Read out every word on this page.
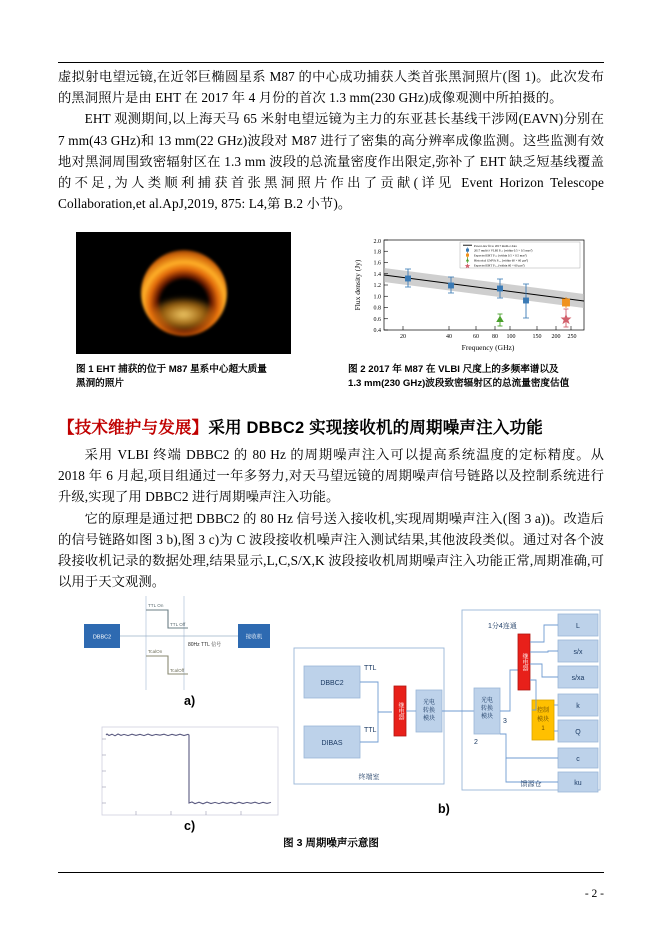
虚拟射电望远镜,在近邻巨椭圆星系 M87 的中心成功捕获人类首张黑洞照片(图 1)。此次发布的黑洞照片是由 EHT 在 2017 年 4 月份的首次 1.3 mm(230 GHz)成像观测中所拍摄的。

EHT 观测期间,以上海天马 65 米射电望远镜为主力的东亚甚长基线干涉网(EAVN)分别在 7 mm(43 GHz)和 13 mm(22 GHz)波段对 M87 进行了密集的高分辨率成像监测。这些监测有效地对黑洞周围致密辐射区在 1.3 mm 波段的总流量密度作出限定,弥补了 EHT 缺乏短基线覆盖的不足,为人类顺利捕获首张黑洞照片作出了贡献(详见 Event Horizon Telescope Collaboration,et al.ApJ,2019, 875: L4,第 B.2 小节)。

图 1 EHT 捕获的位于 M87 星系中心超大质量
黑洞的照片
0.4
0.6
0.8
1.0
1.2
1.4
1.6
1.8
2.0
20	40	60 80 100	150 200 250
Frequency (GHz)
Flux density (Jy)
Power-law fit to 2017 multi-λ data
2017 multi-λ VLBI Fₜₒₜ (within 0.5 × 0.5 mas²)
Expected EHT Fₜₒₜ (within 0.5 × 0.5 mas²)
Historical GMVA Fₗₒᵣₑ (within 60 × 60 μas²)
Expected EHT Fₗₒᵣₑ (within 60 × 60 μas²)
图 2 2017 年 M87 在 VLBI 尺度上的多频率谱以及
1.3 mm(230 GHz)波段致密辐射区的总流量密度估值
【技术维护与发展】采用 DBBC2 实现接收机的周期噪声注入功能

采用 VLBI 终端 DBBC2 的 80 Hz 的周期噪声注入可以提高系统温度的定标精度。从 2018 年 6 月起,项目组通过一年多努力,对天马望远镜的周期噪声信号链路以及控制系统进行升级,实现了用 DBBC2 进行周期噪声注入功能。

它的原理是通过把 DBBC2 的 80 Hz 信号送入接收机,实现周期噪声注入(图 3 a))。改造后的信号链路如图 3 b),图 3 c)为 C 波段接收机噪声注入测试结果,其他波段类似。通过对各个波段接收机记录的数据处理,结果显示,L,C,S/X,K 波段接收机周期噪声注入功能正常,周期准确,可以用于天文观测。

DBBC2	接收机
TTL On
TTL Off
TcalOn
TcalOff
80Hz TTL 信号
a)
c)
DBBC2
DIBAS
TTL
TTL
继电器	光电
转换
模块
光电
转换
模块
3
2
1分4连通
继电器
控制
模块
1
L
s/x
s/xa
k
Q
c
ku
终端室
馈源仓
b)
图 3 周期噪声示意图
- 2 -
